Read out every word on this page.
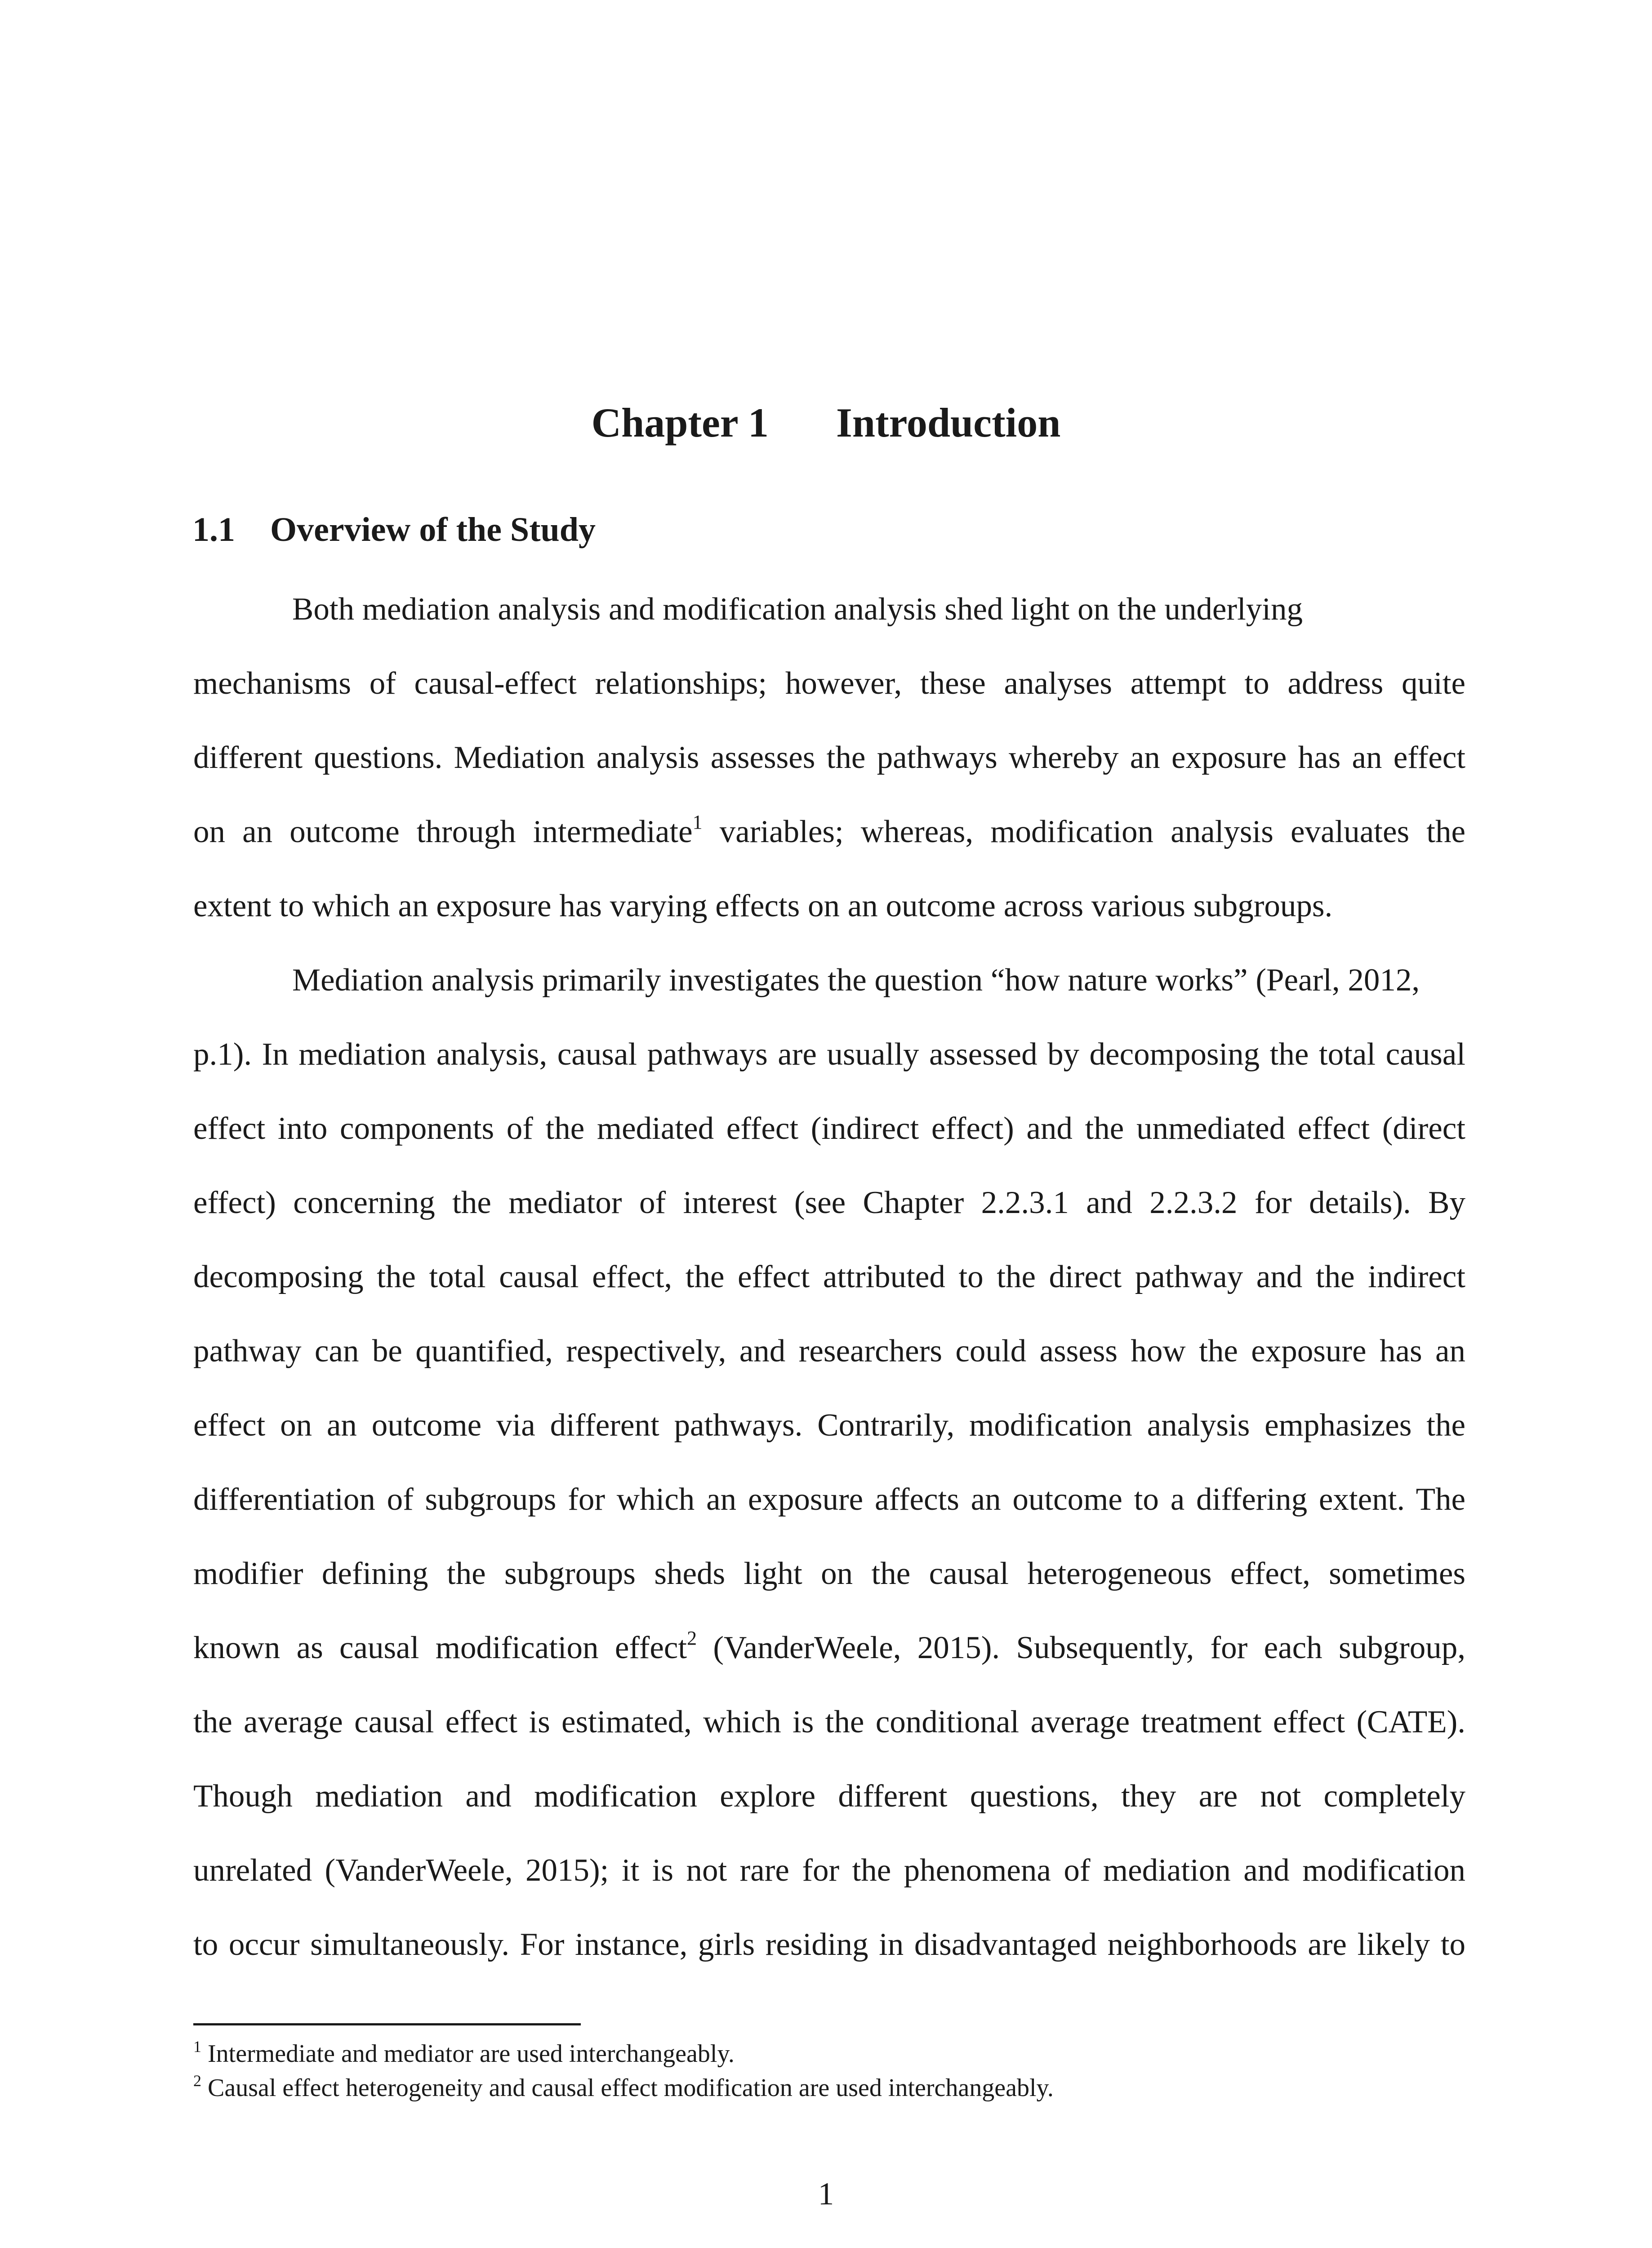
Chapter 1 Introduction
1.1 Overview of the Study
Both mediation analysis and modification analysis shed light on the underlying
mechanisms of causal-effect relationships; however, these analyses attempt to address quite
different questions. Mediation analysis assesses the pathways whereby an exposure has an effect
on an outcome through intermediate$^1$ variables; whereas, modification analysis evaluates the
extent to which an exposure has varying effects on an outcome across various subgroups.
Mediation analysis primarily investigates the question “how nature works” (Pearl, 2012,
p.1). In mediation analysis, causal pathways are usually assessed by decomposing the total causal
effect into components of the mediated effect (indirect effect) and the unmediated effect (direct
effect) concerning the mediator of interest (see Chapter 2.2.3.1 and 2.2.3.2 for details). By
decomposing the total causal effect, the effect attributed to the direct pathway and the indirect
pathway can be quantified, respectively, and researchers could assess how the exposure has an
effect on an outcome via different pathways. Contrarily, modification analysis emphasizes the
differentiation of subgroups for which an exposure affects an outcome to a differing extent. The
modifier defining the subgroups sheds light on the causal heterogeneous effect, sometimes
known as causal modification effect$^2$ (VanderWeele, 2015). Subsequently, for each subgroup,
the average causal effect is estimated, which is the conditional average treatment effect (CATE).
Though mediation and modification explore different questions, they are not completely
unrelated (VanderWeele, 2015); it is not rare for the phenomena of mediation and modification
to occur simultaneously. For instance, girls residing in disadvantaged neighborhoods are likely to
$^1$ Intermediate and mediator are used interchangeably.
$^2$ Causal effect heterogeneity and causal effect modification are used interchangeably.
1
